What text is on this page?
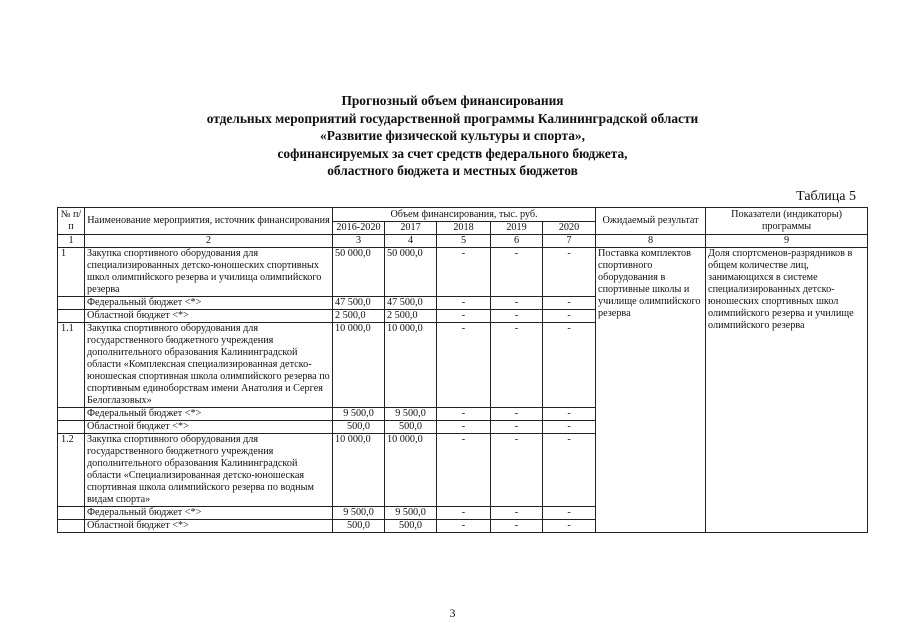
Прогнозный объем финансирования
отдельных мероприятий государственной программы Калининградской области
«Развитие физической культуры и спорта»,
софинансируемых за счет средств федерального бюджета,
областного бюджета и местных бюджетов
Таблица 5
№ п/п	Наименование мероприятия, источник финансирования	Объем финансирования, тыс. руб.					Ожидаемый результат	Показатели (индикаторы) программы
		2016-2020	2017	2018	2019	2020		
1	2	3	4	5	6	7	8	9
1	Закупка спортивного оборудования для специализированных детско-юношеских спортивных школ олимпийского резерва и училища олимпийского резерва	50 000,0	50 000,0	-	-	-	Поставка комплектов спортивного оборудования в спортивные школы и училище олимпийского резерва	Доля спортсменов-разрядников в общем количестве лиц, занимающихся в системе специализированных детско-юношеских спортивных школ олимпийского резерва и училище олимпийского резерва
	Федеральный бюджет <*>	47 500,0	47 500,0	-	-	-		
	Областной бюджет <*>	2 500,0	2 500,0	-	-	-		
1.1	Закупка спортивного оборудования для государственного бюджетного учреждения дополнительного образования Калининградской области «Комплексная специализированная детско-юношеская спортивная школа олимпийского резерва по спортивным единоборствам имени Анатолия и Сергея Белоглазовых»	10 000,0	10 000,0	-	-	-		
	Федеральный бюджет <*>	9 500,0	9 500,0	-	-	-		
	Областной бюджет <*>	500,0	500,0	-	-	-		
1.2	Закупка спортивного оборудования для государственного бюджетного учреждения дополнительного образования Калининградской области «Специализированная детско-юношеская спортивная школа олимпийского резерва по водным видам спорта»	10 000,0	10 000,0	-	-	-		
	Федеральный бюджет <*>	9 500,0	9 500,0	-	-	-		
	Областной бюджет <*>	500,0	500,0	-	-	-		
3
